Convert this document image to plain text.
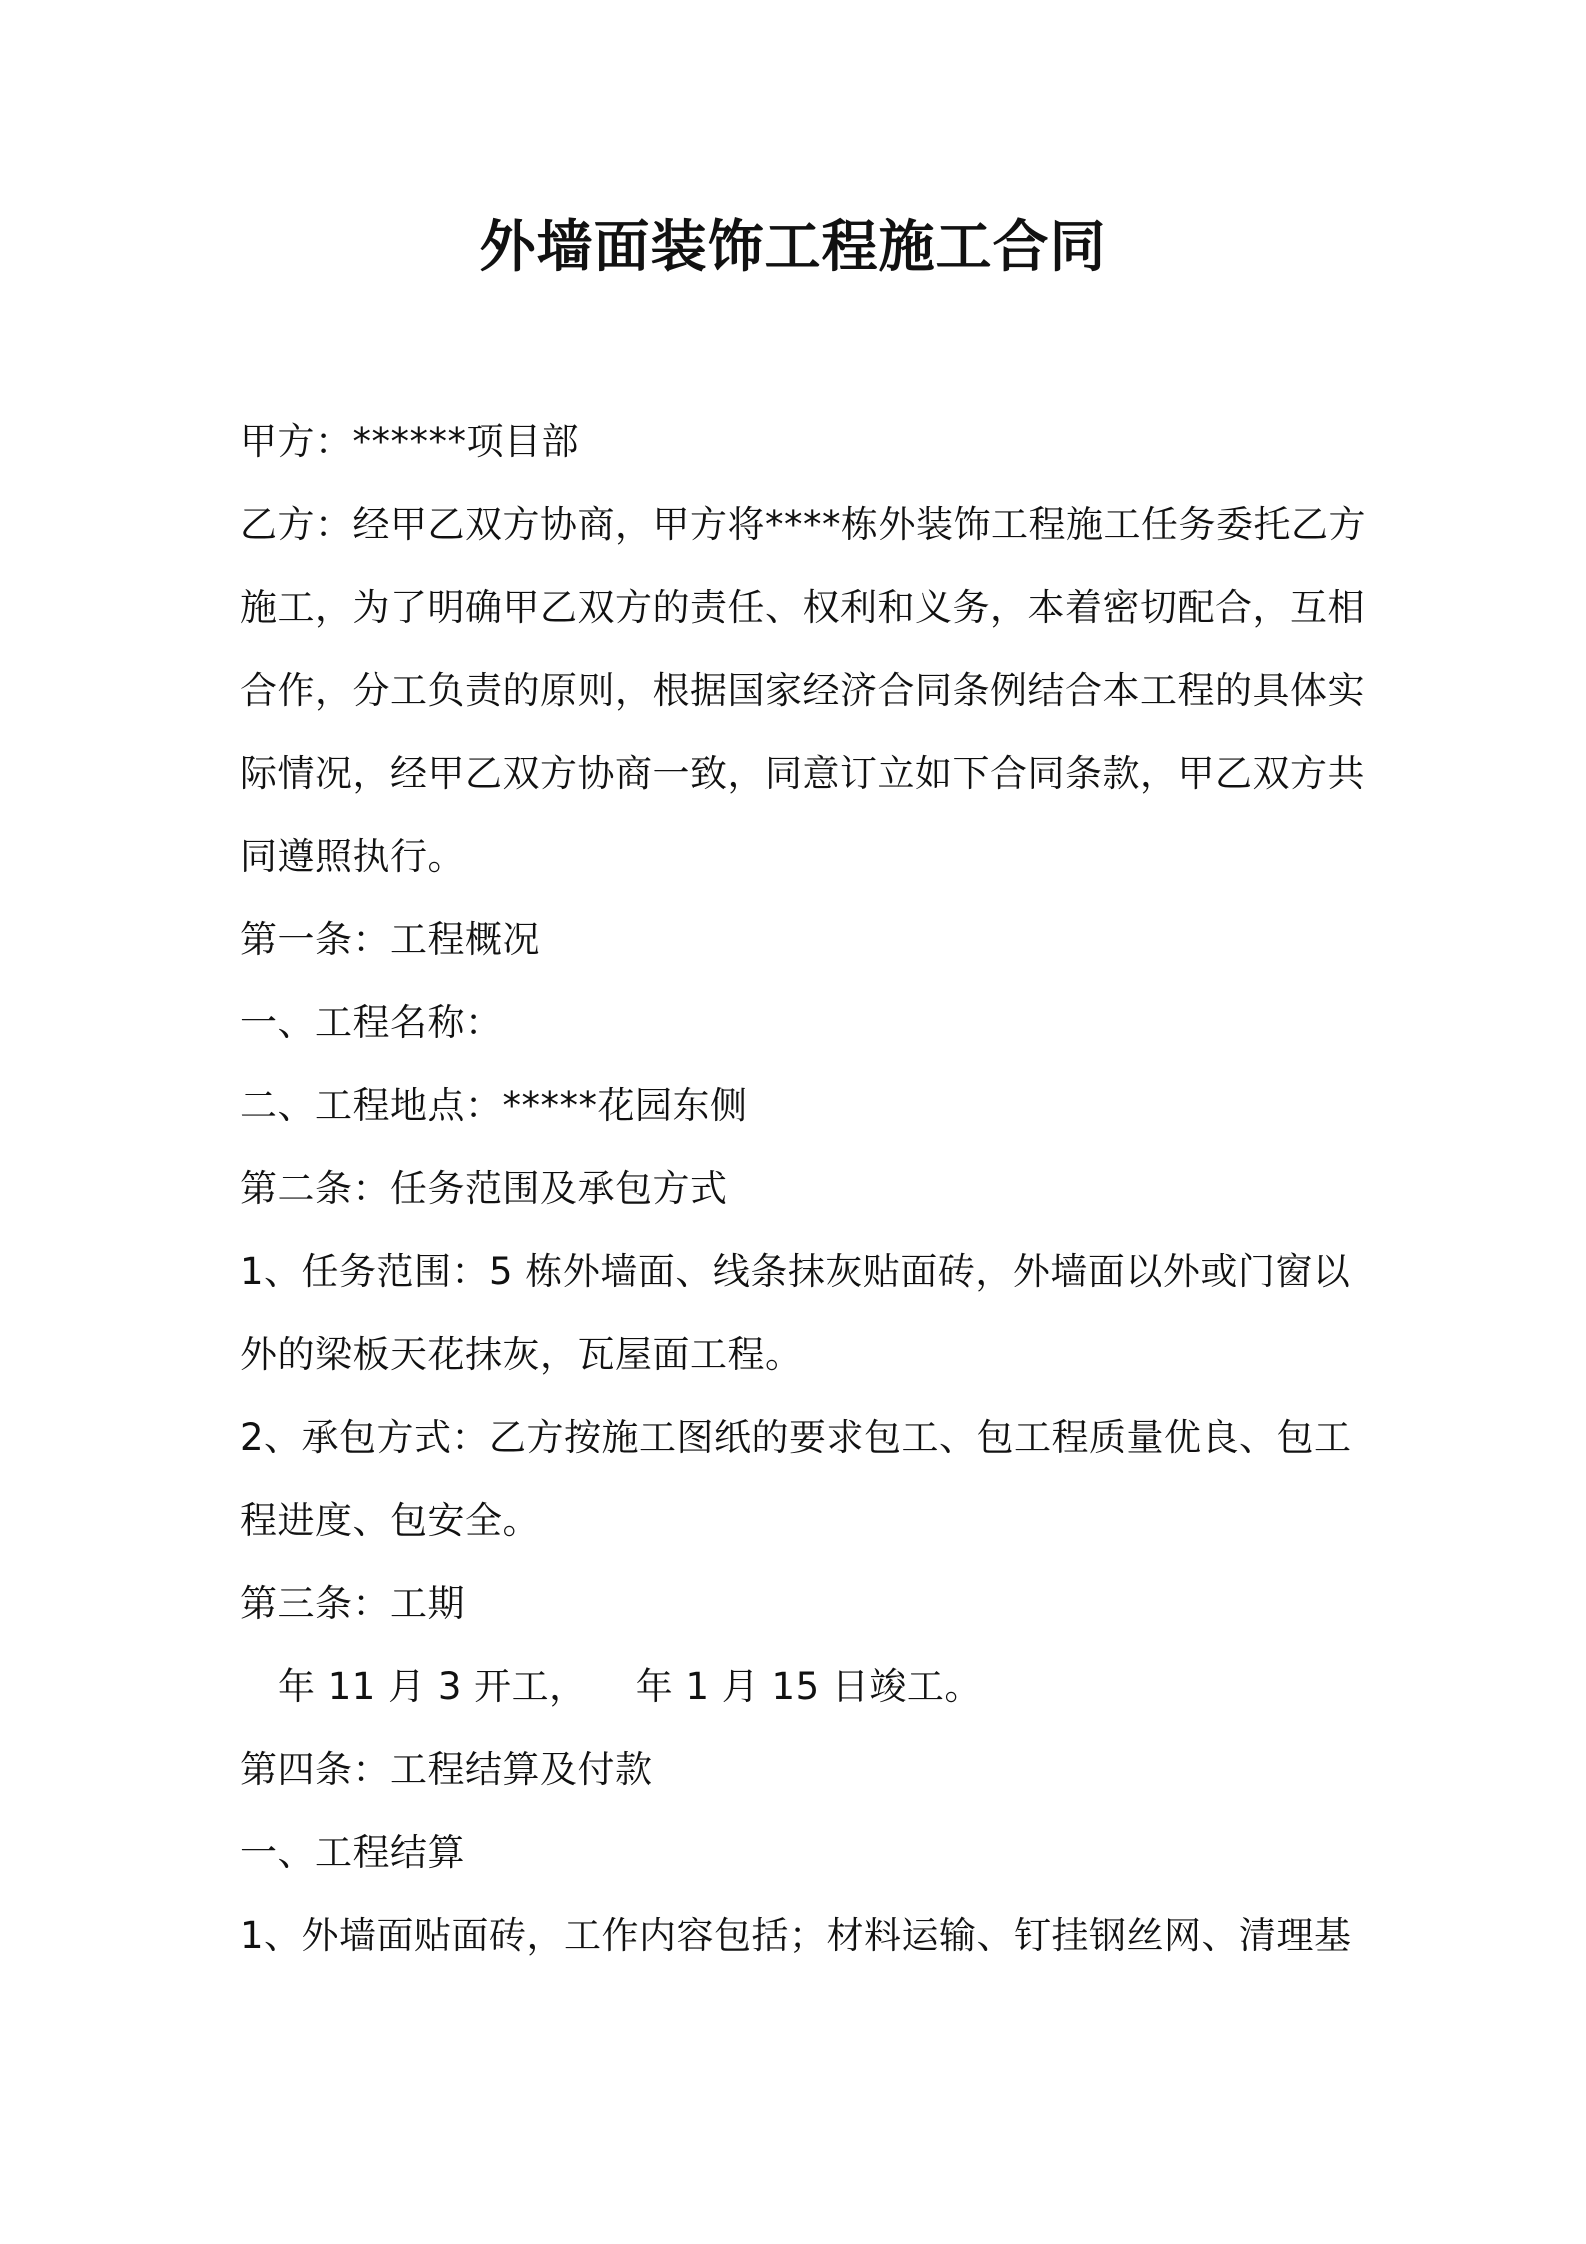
外墙面装饰工程施工合同

甲方：******项目部

乙方：经甲乙双方协商，甲方将****栋外装饰工程施工任务委托乙方

施工，为了明确甲乙双方的责任、权利和义务，本着密切配合，互相

合作，分工负责的原则，根据国家经济合同条例结合本工程的具体实

际情况，经甲乙双方协商一致，同意订立如下合同条款，甲乙双方共

同遵照执行。

第一条：工程概况

一、工程名称：

二、工程地点：*****花园东侧

第二条：任务范围及承包方式

1、任务范围：5 栋外墙面、线条抹灰贴面砖，外墙面以外或门窗以

外的梁板天花抹灰，瓦屋面工程。

2、承包方式：乙方按施工图纸的要求包工、包工程质量优良、包工

程进度、包安全。

第三条：工期

年 11 月 3 开工，    年 1 月 15 日竣工。

第四条：工程结算及付款

一、工程结算

1、外墙面贴面砖，工作内容包括；材料运输、钉挂钢丝网、清理基
